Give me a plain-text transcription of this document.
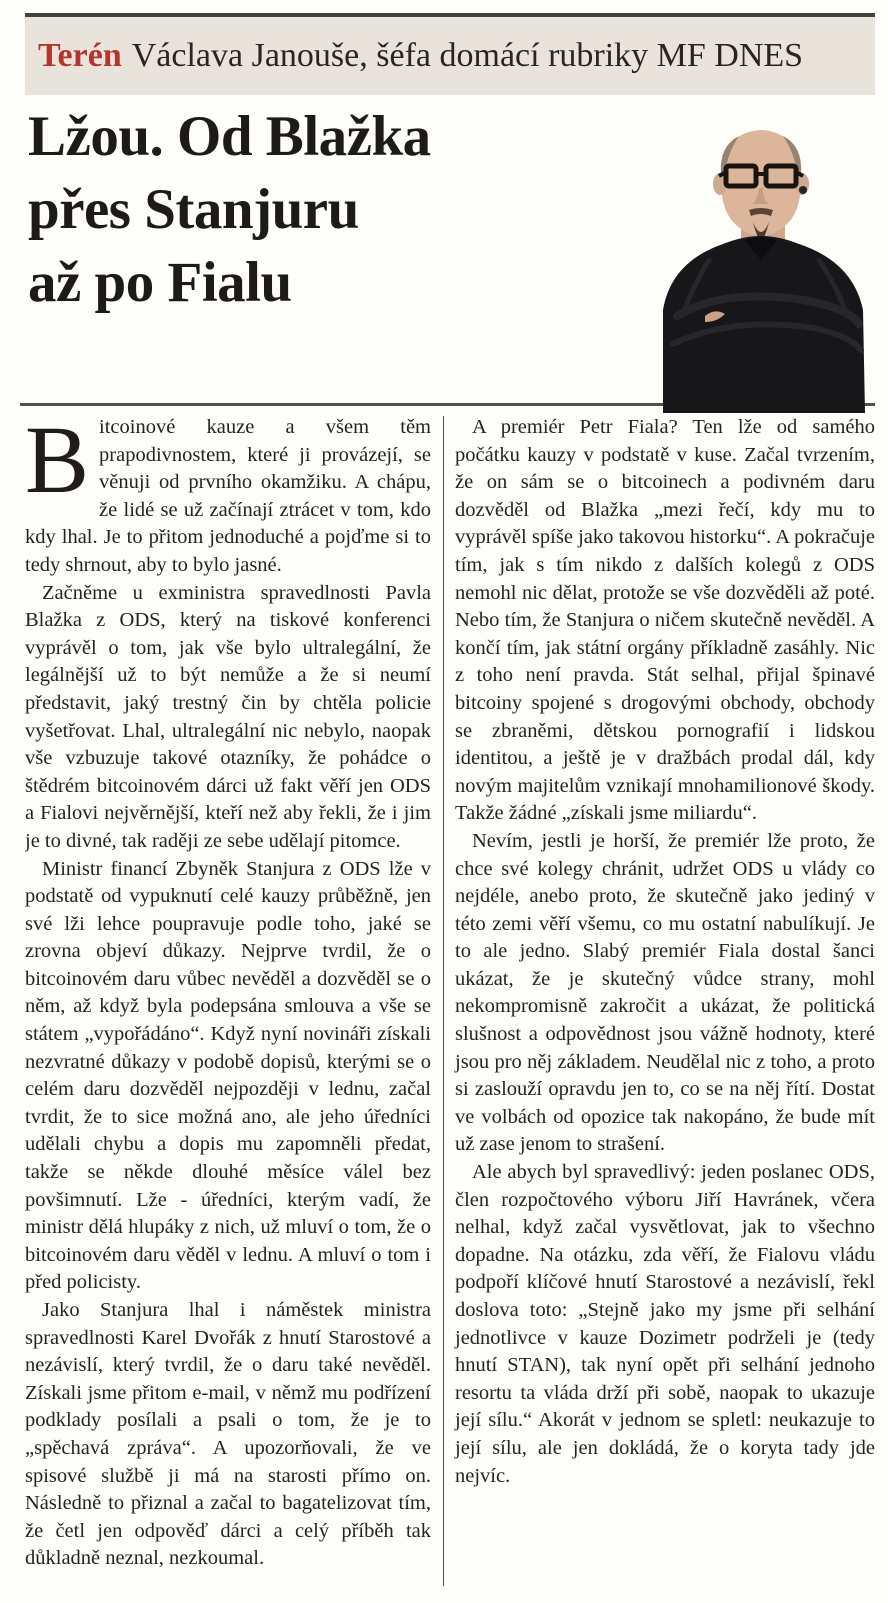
Terén Václava Janouše, šéfa domácí rubriky MF DNES
Lžou. Od Blažka
přes Stanjuru
až po Fialu

Bitcoinové kauze a všem těm prapodivnostem, které ji provázejí, se věnuji od prvního okamžiku. A chápu, že lidé se už začínají ztrácet v tom, kdo kdy lhal. Je to přitom jednoduché a pojďme si to tedy shrnout, aby to bylo jasné.

Začněme u exministra spravedlnosti Pavla Blažka z ODS, který na tiskové konferenci vyprávěl o tom, jak vše bylo ultralegální, že legálnější už to být nemůže a že si neumí představit, jaký trestný čin by chtěla policie vyšetřovat. Lhal, ultralegální nic nebylo, naopak vše vzbuzuje takové otazníky, že pohádce o štědrém bitcoinovém dárci už fakt věří jen ODS a Fialovi nejvěrnější, kteří než aby řekli, že i jim je to divné, tak raději ze sebe udělají pitomce.

Ministr financí Zbyněk Stanjura z ODS lže v podstatě od vypuknutí celé kauzy průběžně, jen své lži lehce poupravuje podle toho, jaké se zrovna objeví důkazy. Nejprve tvrdil, že o bitcoinovém daru vůbec nevěděl a dozvěděl se o něm, až když byla podepsána smlouva a vše se státem „vypořádáno“. Když nyní novináři získali nezvratné důkazy v podobě dopisů, kterými se o celém daru dozvěděl nejpozději v lednu, začal tvrdit, že to sice možná ano, ale jeho úředníci udělali chybu a dopis mu zapomněli předat, takže se někde dlouhé měsíce válel bez povšimnutí. Lže - úředníci, kterým vadí, že ministr dělá hlupáky z nich, už mluví o tom, že o bitcoinovém daru věděl v lednu. A mluví o tom i před policisty.

Jako Stanjura lhal i náměstek ministra spravedlnosti Karel Dvořák z hnutí Starostové a nezávislí, který tvrdil, že o daru také nevěděl. Získali jsme přitom e-mail, v němž mu podřízení podklady posílali a psali o tom, že je to „spěchavá zpráva“. A upozorňovali, že ve spisové službě ji má na starosti přímo on. Následně to přiznal a začal to bagatelizovat tím, že četl jen odpověď dárci a celý příběh tak důkladně neznal, nezkoumal.

A premiér Petr Fiala? Ten lže od samého počátku kauzy v podstatě v kuse. Začal tvrzením, že on sám se o bitcoinech a podivném daru dozvěděl od Blažka „mezi řečí, kdy mu to vyprávěl spíše jako takovou historku“. A pokračuje tím, jak s tím nikdo z dalších kolegů z ODS nemohl nic dělat, protože se vše dozvěděli až poté. Nebo tím, že Stanjura o ničem skutečně nevěděl. A končí tím, jak státní orgány příkladně zasáhly. Nic z toho není pravda. Stát selhal, přijal špinavé bitcoiny spojené s drogovými obchody, obchody se zbraněmi, dětskou pornografií i lidskou identitou, a ještě je v dražbách prodal dál, kdy novým majitelům vznikají mnohamilionové škody. Takže žádné „získali jsme miliardu“.

Nevím, jestli je horší, že premiér lže proto, že chce své kolegy chránit, udržet ODS u vlády co nejdéle, anebo proto, že skutečně jako jediný v této zemi věří všemu, co mu ostatní nabulíkují. Je to ale jedno. Slabý premiér Fiala dostal šanci ukázat, že je skutečný vůdce strany, mohl nekompromisně zakročit a ukázat, že politická slušnost a odpovědnost jsou vážně hodnoty, které jsou pro něj základem. Neudělal nic z toho, a proto si zaslouží opravdu jen to, co se na něj řítí. Dostat ve volbách od opozice tak nakopáno, že bude mít už zase jenom to strašení.

Ale abych byl spravedlivý: jeden poslanec ODS, člen rozpočtového výboru Jiří Havránek, včera nelhal, když začal vysvětlovat, jak to všechno dopadne. Na otázku, zda věří, že Fialovu vládu podpoří klíčové hnutí Starostové a nezávislí, řekl doslova toto: „Stejně jako my jsme při selhání jednotlivce v kauze Dozimetr podrželi je (tedy hnutí STAN), tak nyní opět při selhání jednoho resortu ta vláda drží při sobě, naopak to ukazuje její sílu.“ Akorát v jednom se spletl: neukazuje to její sílu, ale jen dokládá, že o koryta tady jde nejvíc.
